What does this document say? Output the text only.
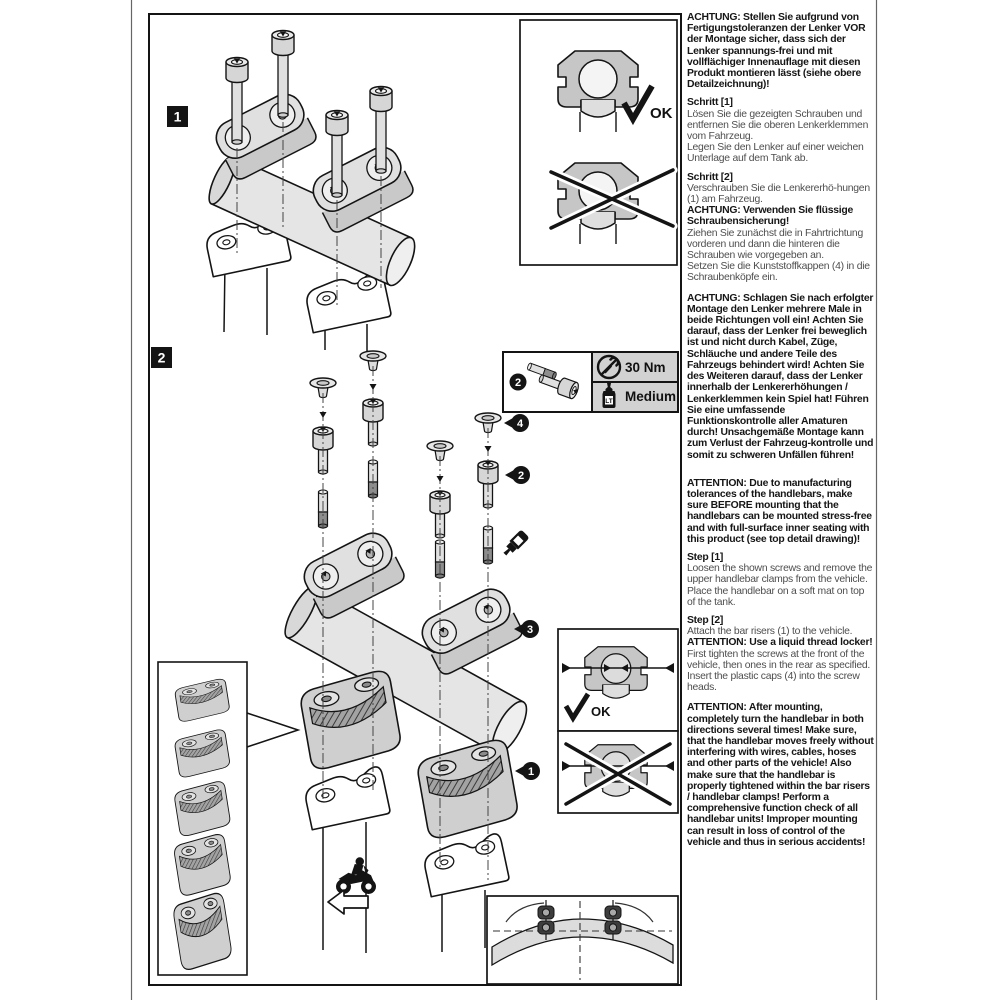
1	OK
2
30 Nm
LT Medium
4
2
3
1
2
OK

ACHTUNG: Stellen Sie aufgrund von Fertigungstoleranzen der Lenker VOR der Montage sicher, dass sich der Lenker spannungs-frei und mit vollflächiger Innenauflage mit diesen Produkt montieren lässt (siehe obere Detailzeichnung)!

Schritt [1]

Lösen Sie die gezeigten Schrauben und entfernen Sie die oberen Lenkerklemmen vom Fahrzeug.

Legen Sie den Lenker auf einer weichen Unterlage auf dem Tank ab.

Schritt [2]

Verschrauben Sie die Lenkererhö-hungen (1) am Fahrzeug.

ACHTUNG: Verwenden Sie flüssige Schraubensicherung!

Ziehen Sie zunächst die in Fahrtrichtung vorderen und dann die hinteren die Schrauben wie vorgegeben an.

Setzen Sie die Kunststoffkappen (4) in die Schraubenköpfe ein.

ACHTUNG: Schlagen Sie nach erfolgter Montage den Lenker mehrere Male in beide Richtungen voll ein! Achten Sie darauf, dass der Lenker frei beweglich ist und nicht durch Kabel, Züge, Schläuche und andere Teile des Fahrzeugs behindert wird! Achten Sie des Weiteren darauf, dass der Lenker innerhalb der Lenkererhöhungen / Lenkerklemmen kein Spiel hat! Führen Sie eine umfassende Funktionskontrolle aller Amaturen durch! Unsachgemäße Montage kann zum Verlust der Fahrzeug-kontrolle und somit zu schweren Unfällen führen!

ATTENTION: Due to manufacturing tolerances of the handlebars, make sure BEFORE mounting that the handlebars can be mounted stress-free and with full-surface inner seating with this product (see top detail drawing)!

Step [1]

Loosen the shown screws and remove the upper handlebar clamps from the vehicle.

Place the handlebar on a soft mat on top of the tank.

Step [2]

Attach the bar risers (1) to the vehicle.

ATTENTION: Use a liquid thread locker!

First tighten the screws at the front of the vehicle, then ones in the rear as specified.

Insert the plastic caps (4) into the screw heads.

ATTENTION: After mounting, completely turn the handlebar in both directions several times! Make sure, that the handlebar moves freely without interfering with wires, cables, hoses and other parts of the vehicle! Also make sure that the handlebar is properly tightened within the bar risers / handlebar clamps! Perform a comprehensive function check of all handlebar units! Improper mounting can result in loss of control of the vehicle and thus in serious accidents!
